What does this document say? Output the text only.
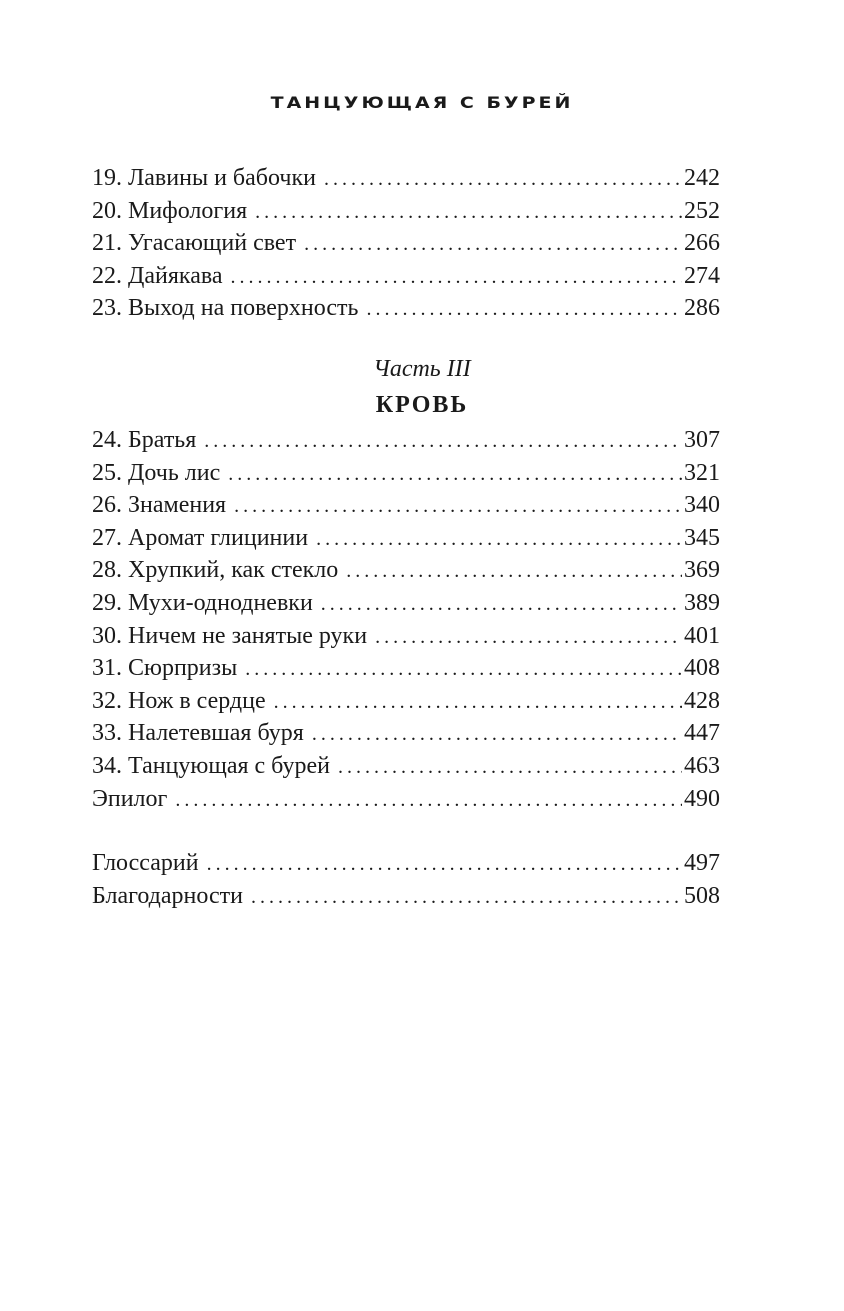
ТАНЦУЮЩАЯ С БУРЕЙ
19. Лавины и бабочки . . .	242
20. Мифология . . .	252
21. Угасающий свет . . .	266
22. Дайякава . . .	274
23. Выход на поверхность . . .	286
Часть III
КРОВЬ
24. Братья . . .	307
25. Дочь лис . . .	321
26. Знамения . . .	340
27. Аромат глицинии . . .	345
28. Хрупкий, как стекло . . .	369
29. Мухи-однодневки . . .	389
30. Ничем не занятые руки . . .	401
31. Сюрпризы . . .	408
32. Нож в сердце . . .	428
33. Налетевшая буря . . .	447
34. Танцующая с бурей . . .	463
Эпилог . . .	490
Глоссарий . . .	497
Благодарности . . .	508
